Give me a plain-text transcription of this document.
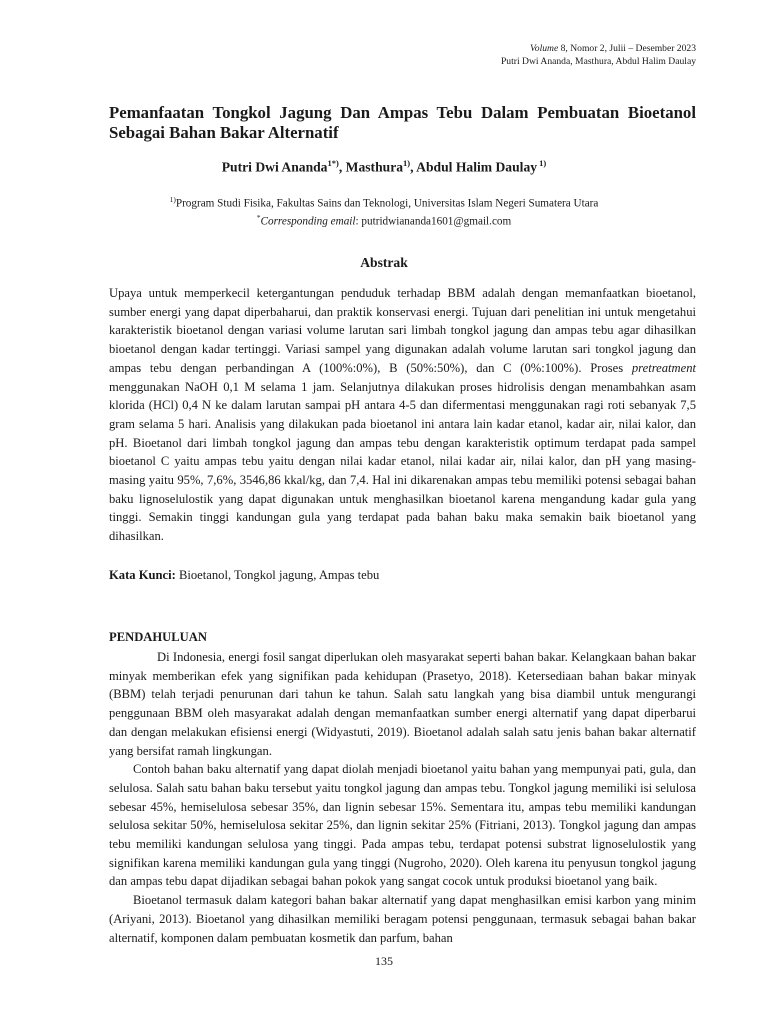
Volume 8, Nomor 2, Julii – Desember 2023
Putri Dwi Ananda, Masthura, Abdul Halim Daulay
Pemanfaatan Tongkol Jagung Dan Ampas Tebu Dalam Pembuatan Bioetanol Sebagai Bahan Bakar Alternatif
Putri Dwi Ananda$^{1*)}$, Masthura$^{1)}$, Abdul Halim Daulay $^{1)}$
$^{1)}$Program Studi Fisika, Fakultas Sains dan Teknologi, Universitas Islam Negeri Sumatera Utara
*Corresponding email: putridwiananda1601@gmail.com
Abstrak

Upaya untuk memperkecil ketergantungan penduduk terhadap BBM adalah dengan memanfaatkan bioetanol, sumber energi yang dapat diperbaharui, dan praktik konservasi energi. Tujuan dari penelitian ini untuk mengetahui karakteristik bioetanol dengan variasi volume larutan sari limbah tongkol jagung dan ampas tebu agar dihasilkan bioetanol dengan kadar tertinggi. Variasi sampel yang digunakan adalah volume larutan sari tongkol jagung dan ampas tebu dengan perbandingan A (100%:0%), B (50%:50%), dan C (0%:100%). Proses pretreatment menggunakan NaOH 0,1 M selama 1 jam. Selanjutnya dilakukan proses hidrolisis dengan menambahkan asam klorida (HCl) 0,4 N ke dalam larutan sampai pH antara 4-5 dan difermentasi menggunakan ragi roti sebanyak 7,5 gram selama 5 hari. Analisis yang dilakukan pada bioetanol ini antara lain kadar etanol, kadar air, nilai kalor, dan pH. Bioetanol dari limbah tongkol jagung dan ampas tebu dengan karakteristik optimum terdapat pada sampel bioetanol C yaitu ampas tebu yaitu dengan nilai kadar etanol, nilai kadar air, nilai kalor, dan pH yang masing-masing yaitu 95%, 7,6%, 3546,86 kkal/kg, dan 7,4. Hal ini dikarenakan ampas tebu memiliki potensi sebagai bahan baku lignoselulostik yang dapat digunakan untuk menghasilkan bioetanol karena mengandung kadar gula yang tinggi. Semakin tinggi kandungan gula yang terdapat pada bahan baku maka semakin baik bioetanol yang dihasilkan.

Kata Kunci: Bioetanol, Tongkol jagung, Ampas tebu
PENDAHULUAN

Di Indonesia, energi fosil sangat diperlukan oleh masyarakat seperti bahan bakar. Kelangkaan bahan bakar minyak memberikan efek yang signifikan pada kehidupan (Prasetyo, 2018). Ketersediaan bahan bakar minyak (BBM) telah terjadi penurunan dari tahun ke tahun. Salah satu langkah yang bisa diambil untuk mengurangi penggunaan BBM oleh masyarakat adalah dengan memanfaatkan sumber energi alternatif yang dapat diperbarui dan dengan melakukan efisiensi energi (Widyastuti, 2019). Bioetanol adalah salah satu jenis bahan bakar alternatif yang bersifat ramah lingkungan.

Contoh bahan baku alternatif yang dapat diolah menjadi bioetanol yaitu bahan yang mempunyai pati, gula, dan selulosa. Salah satu bahan baku tersebut yaitu tongkol jagung dan ampas tebu. Tongkol jagung memiliki isi selulosa sebesar 45%, hemiselulosa sebesar 35%, dan lignin sebesar 15%. Sementara itu, ampas tebu memiliki kandungan selulosa sekitar 50%, hemiselulosa sekitar 25%, dan lignin sekitar 25% (Fitriani, 2013). Tongkol jagung dan ampas tebu memiliki kandungan selulosa yang tinggi. Pada ampas tebu, terdapat potensi substrat lignoselulostik yang signifikan karena memiliki kandungan gula yang tinggi (Nugroho, 2020). Oleh karena itu penyusun tongkol jagung dan ampas tebu dapat dijadikan sebagai bahan pokok yang sangat cocok untuk produksi bioetanol yang baik.

Bioetanol termasuk dalam kategori bahan bakar alternatif yang dapat menghasilkan emisi karbon yang minim (Ariyani, 2013). Bioetanol yang dihasilkan memiliki beragam potensi penggunaan, termasuk sebagai bahan bakar alternatif, komponen dalam pembuatan kosmetik dan parfum, bahan

135
